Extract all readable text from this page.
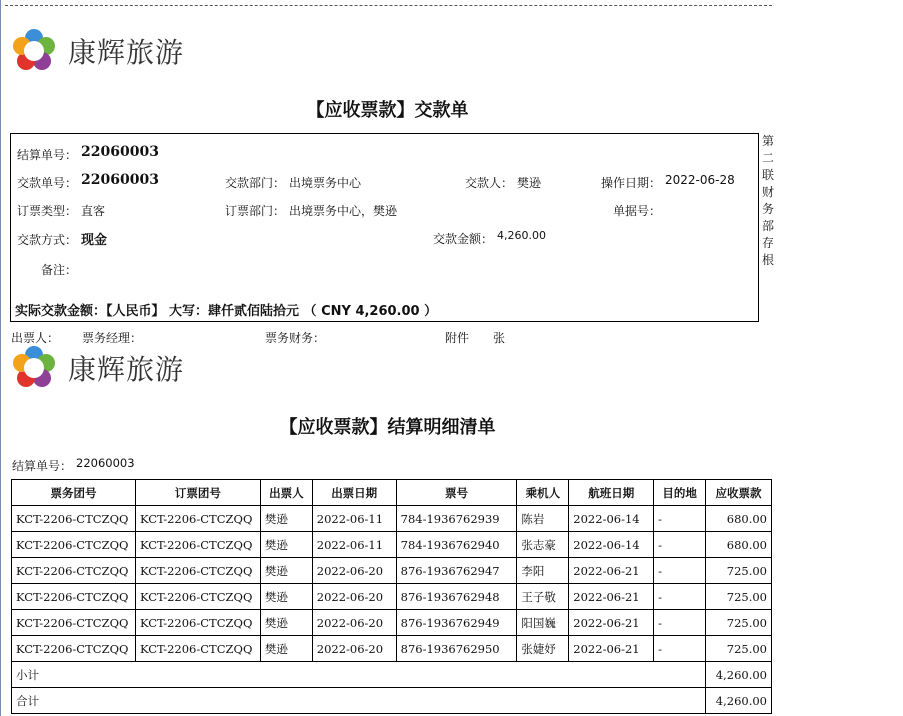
康辉旅游
【应收票款】交款单
第
二
联
财
务
部
存
根
结算单号： 22060003
交款单号： 22060003	交款部门： 出境票务中心	交款人： 樊逊	操作日期： 2022-06-28
订票类型： 直客	订票部门： 出境票务中心，樊逊	单据号：
交款方式： 现金	交款金额： 4,260.00
备注：
实际交款金额：【人民币】 大写：肆仟贰佰陆拾元 （ CNY 4,260.00 ）
出票人： 票务经理：	票务财务：	附件 张
康辉旅游
【应收票款】结算明细清单
结算单号： 22060003
票务团号	订票团号	出票人	出票日期	票号	乘机人	航班日期	目的地	应收票款
KCT-2206-CTCZQQ	KCT-2206-CTCZQQ	樊逊	2022-06-11	784-1936762939	陈岩	2022-06-14	-	680.00
KCT-2206-CTCZQQ	KCT-2206-CTCZQQ	樊逊	2022-06-11	784-1936762940	张志豪	2022-06-14	-	680.00
KCT-2206-CTCZQQ	KCT-2206-CTCZQQ	樊逊	2022-06-20	876-1936762947	李阳	2022-06-21	-	725.00
KCT-2206-CTCZQQ	KCT-2206-CTCZQQ	樊逊	2022-06-20	876-1936762948	王子敬	2022-06-21	-	725.00
KCT-2206-CTCZQQ	KCT-2206-CTCZQQ	樊逊	2022-06-20	876-1936762949	阳国巍	2022-06-21	-	725.00
KCT-2206-CTCZQQ	KCT-2206-CTCZQQ	樊逊	2022-06-20	876-1936762950	张婕妤	2022-06-21	-	725.00
小计								4,260.00
合计								4,260.00
